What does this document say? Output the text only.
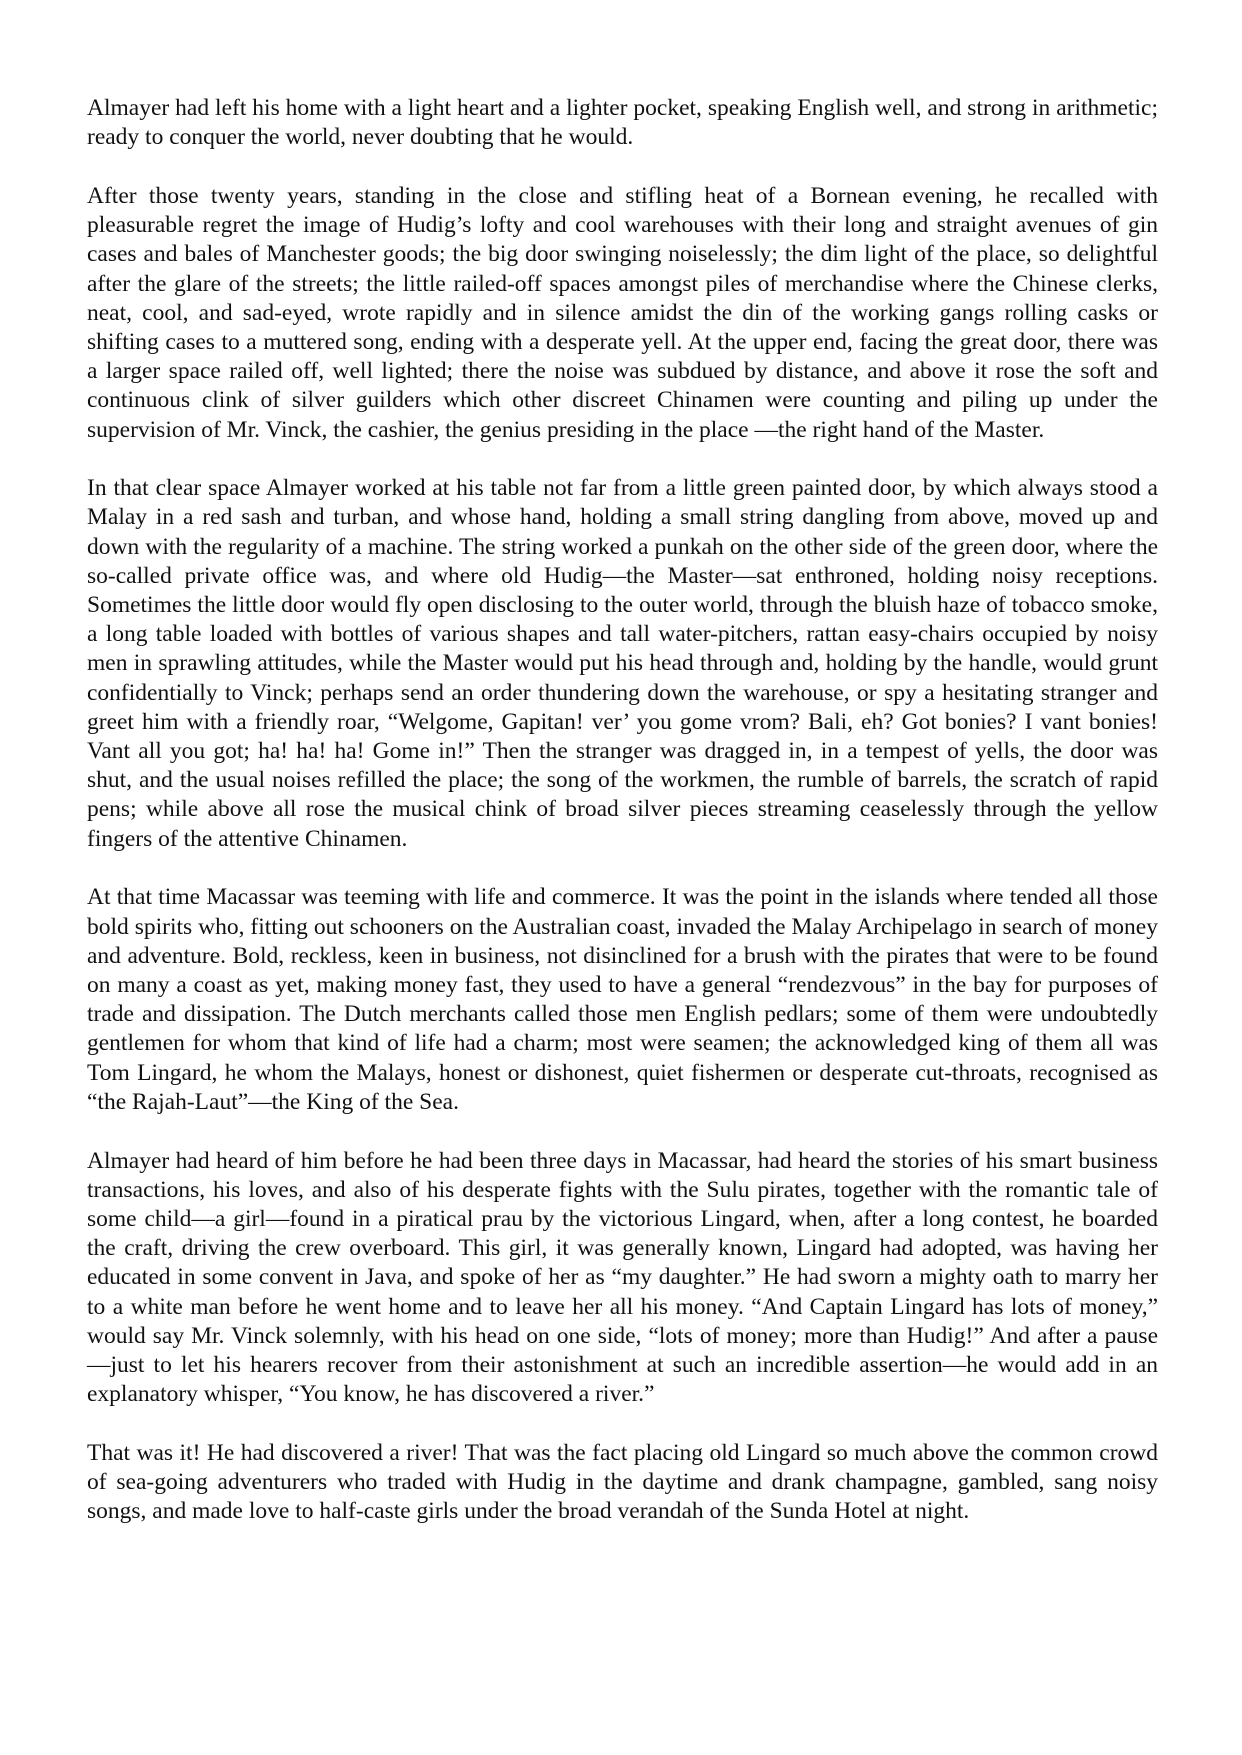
Almayer had left his home with a light heart and a lighter pocket, speaking English well, and strong in arithmetic; ready to conquer the world, never doubting that he would.

After those twenty years, standing in the close and stifling heat of a Bornean evening, he recalled with pleasurable regret the image of Hudig’s lofty and cool warehouses with their long and straight avenues of gin cases and bales of Manchester goods; the big door swinging noiselessly; the dim light of the place, so delightful after the glare of the streets; the little railed-off spaces amongst piles of merchandise where the Chinese clerks, neat, cool, and sad-eyed, wrote rapidly and in silence amidst the din of the working gangs rolling casks or shifting cases to a muttered song, ending with a desperate yell. At the upper end, facing the great door, there was a larger space railed off, well lighted; there the noise was subdued by distance, and above it rose the soft and continuous clink of silver guilders which other discreet Chinamen were counting and piling up under the supervision of Mr. Vinck, the cashier, the genius presiding in the place —the right hand of the Master.

In that clear space Almayer worked at his table not far from a little green painted door, by which always stood a Malay in a red sash and turban, and whose hand, holding a small string dangling from above, moved up and down with the regularity of a machine. The string worked a punkah on the other side of the green door, where the so-called private office was, and where old Hudig—the Master—sat enthroned, holding noisy receptions. Sometimes the little door would fly open disclosing to the outer world, through the bluish haze of tobacco smoke, a long table loaded with bottles of various shapes and tall water-pitchers, rattan easy-chairs occupied by noisy men in sprawling attitudes, while the Master would put his head through and, holding by the handle, would grunt confidentially to Vinck; perhaps send an order thundering down the warehouse, or spy a hesitating stranger and greet him with a friendly roar, “Welgome, Gapitan! ver’ you gome vrom? Bali, eh? Got bonies? I vant bonies! Vant all you got; ha! ha! ha! Gome in!” Then the stranger was dragged in, in a tempest of yells, the door was shut, and the usual noises refilled the place; the song of the workmen, the rumble of barrels, the scratch of rapid pens; while above all rose the musical chink of broad silver pieces streaming ceaselessly through the yellow fingers of the attentive Chinamen.

At that time Macassar was teeming with life and commerce. It was the point in the islands where tended all those bold spirits who, fitting out schooners on the Australian coast, invaded the Malay Archipelago in search of money and adventure. Bold, reckless, keen in business, not disinclined for a brush with the pirates that were to be found on many a coast as yet, making money fast, they used to have a general “rendezvous” in the bay for purposes of trade and dissipation. The Dutch merchants called those men English pedlars; some of them were undoubtedly gentlemen for whom that kind of life had a charm; most were seamen; the acknowledged king of them all was Tom Lingard, he whom the Malays, honest or dishonest, quiet fishermen or desperate cut-throats, recognised as “the Rajah-Laut”—the King of the Sea.

Almayer had heard of him before he had been three days in Macassar, had heard the stories of his smart business transactions, his loves, and also of his desperate fights with the Sulu pirates, together with the romantic tale of some child—a girl—found in a piratical prau by the victorious Lingard, when, after a long contest, he boarded the craft, driving the crew overboard. This girl, it was generally known, Lingard had adopted, was having her educated in some convent in Java, and spoke of her as “my daughter.” He had sworn a mighty oath to marry her to a white man before he went home and to leave her all his money. “And Captain Lingard has lots of money,” would say Mr. Vinck solemnly, with his head on one side, “lots of money; more than Hudig!” And after a pause—just to let his hearers recover from their astonishment at such an incredible assertion—he would add in an explanatory whisper, “You know, he has discovered a river.”

That was it! He had discovered a river! That was the fact placing old Lingard so much above the common crowd of sea-going adventurers who traded with Hudig in the daytime and drank champagne, gambled, sang noisy songs, and made love to half-caste girls under the broad verandah of the Sunda Hotel at night.
